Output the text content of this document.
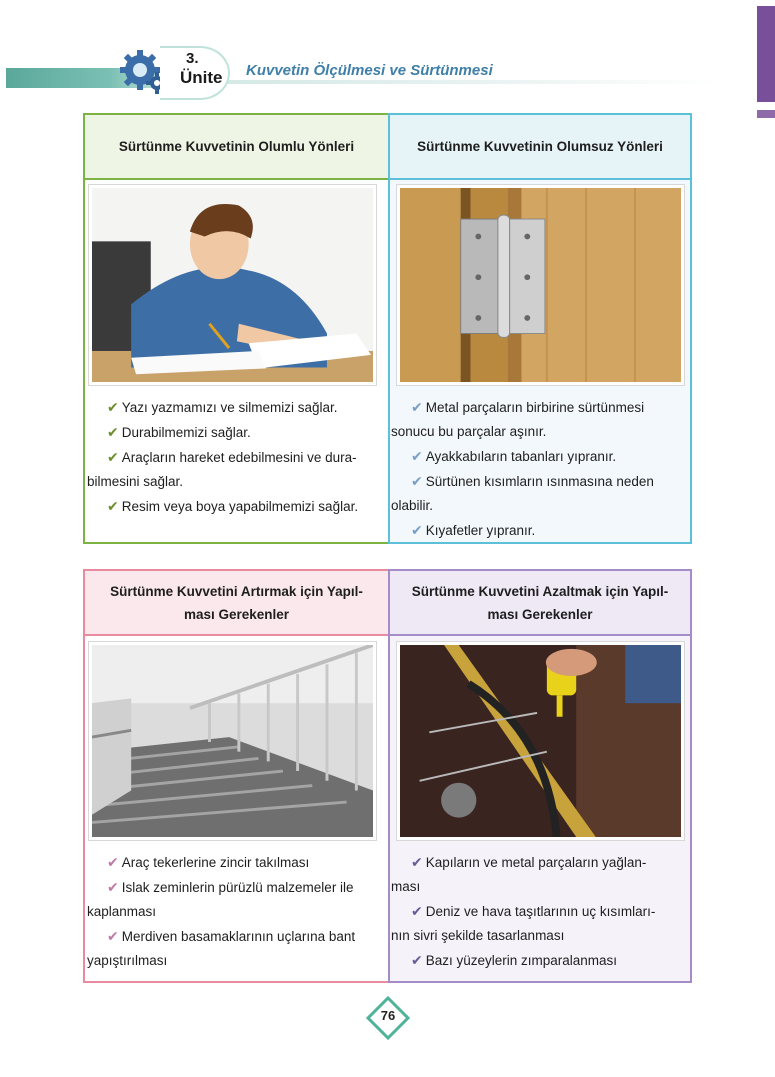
3.
Ünite Kuvvetin Ölçülmesi ve Sürtünmesi
Sürtünme Kuvvetinin Olumlu Yönleri	Sürtünme Kuvvetinin Olumsuz Yönleri
✔ Yazı yazmamızı ve silmemizi sağlar.
✔ Durabilmemizi sağlar.
✔ Araçların hareket edebilmesini ve dura-
bilmesini sağlar.
✔ Resim veya boya yapabilmemizi sağlar.
✔ Metal parçaların birbirine sürtünmesi
sonucu bu parçalar aşınır.
✔ Ayakkabıların tabanları yıpranır.
✔ Sürtünen kısımların ısınmasına neden
olabilir.
✔ Kıyafetler yıpranır.
Sürtünme Kuvvetini Artırmak için Yapıl-
ması Gerekenler
Sürtünme Kuvvetini Azaltmak için Yapıl-
ması Gerekenler
✔ Araç tekerlerine zincir takılması
✔ Islak zeminlerin pürüzlü malzemeler ile
kaplanması
✔ Merdiven basamaklarının uçlarına bant
yapıştırılması
✔ Kapıların ve metal parçaların yağlan-
ması
✔ Deniz ve hava taşıtlarının uç kısımları-
nın sivri şekilde tasarlanması
✔ Bazı yüzeylerin zımparalanması
76
